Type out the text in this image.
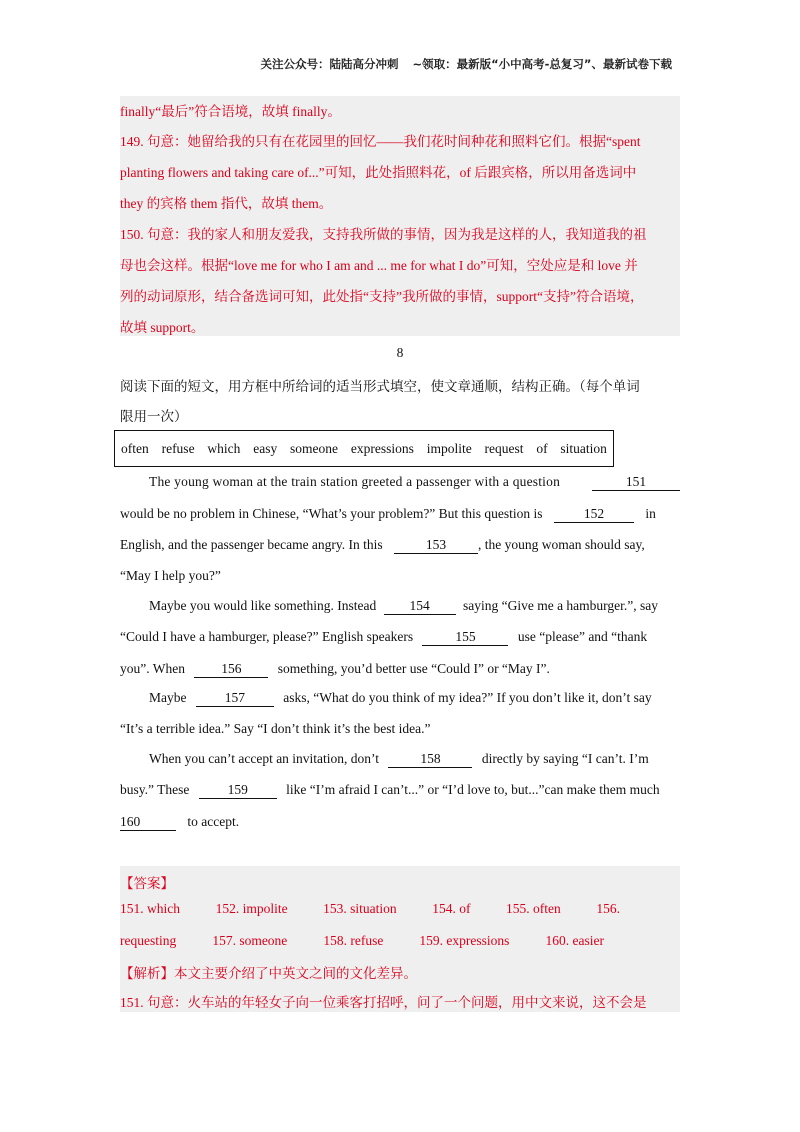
关注公众号：陆陆高分冲刺 ~领取：最新版“小中高考-总复习”、最新试卷下载
finally“最后”符合语境，故填 finally。
149. 句意：她留给我的只有在花园里的回忆——我们花时间种花和照料它们。根据“spent
planting flowers and taking care of...”可知，此处指照料花，of 后跟宾格，所以用备选词中
they 的宾格 them 指代，故填 them。
150. 句意：我的家人和朋友爱我，支持我所做的事情，因为我是这样的人，我知道我的祖
母也会这样。根据“love me for who I am and ... me for what I do”可知，空处应是和 love 并
列的动词原形，结合备选词可知，此处指“支持”我所做的事情，support“支持”符合语境，
故填 support。
8
阅读下面的短文，用方框中所给词的适当形式填空，使文章通顺，结构正确。（每个单词
限用一次）
often refuse which easy someone expressions impolite request of situation
The young woman at the train station greeted a passenger with a question	151
would be no problem in Chinese, “What’s your problem?” But this question is	152	in
English, and the passenger became angry. In this	153 , the young woman should say,
“May I help you?”
Maybe you would like something. Instead 154 saying “Give me a hamburger.”, say
“Could I have a hamburger, please?” English speakers	155	use “please” and “thank
you”. When	156	something, you’d better use “Could I” or “May I”.
Maybe	157	asks, “What do you think of my idea?” If you don’t like it, don’t say
“It’s a terrible idea.” Say “I don’t think it’s the best idea.”
When you can’t accept an invitation, don’t	158	directly by saying “I can’t. I’m
busy.” These	159	like “I’m afraid I can’t...” or “I’d love to, but...”can make them much
160	to accept.
【答案】
151. which	152. impolite	153. situation	154. of	155. often	156.
requesting	157. someone	158. refuse	159. expressions	160. easier
【解析】本文主要介绍了中英文之间的文化差异。
151. 句意：火车站的年轻女子向一位乘客打招呼，问了一个问题，用中文来说，这不会是
